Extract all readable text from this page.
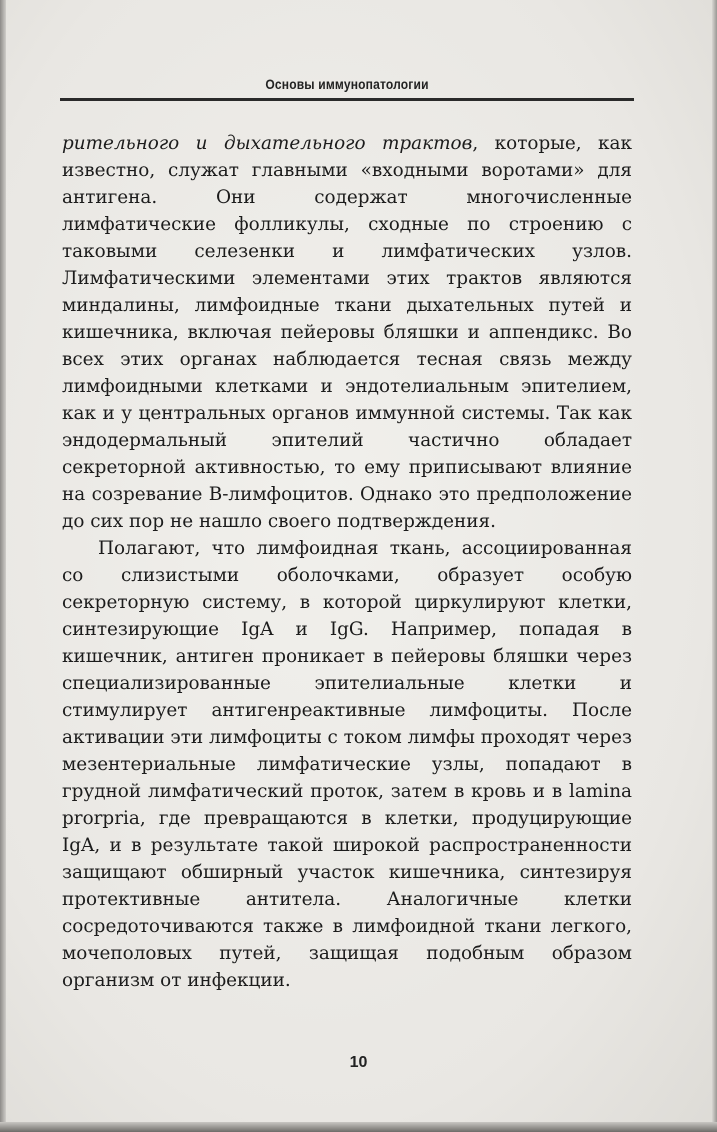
Основы иммунопатологии

рительного и дыхательного трактов, которые, как известно, служат главными «входными воротами» для антигена. Они содержат многочисленные лимфатические фолликулы, сходные по строению с таковыми селезенки и лимфатических узлов. Лимфатическими элементами этих трактов являются миндалины, лимфоидные ткани дыхательных путей и кишечника, включая пейеровы бляшки и аппендикс. Во всех этих органах наблюдается тесная связь между лимфоидными клетками и эндотелиальным эпителием, как и у центральных органов иммунной системы. Так как эндодермальный эпителий частично обладает секреторной активностью, то ему приписывают влияние на созревание В-лимфоцитов. Однако это предположение до сих пор не нашло своего подтверждения.

Полагают, что лимфоидная ткань, ассоциированная со слизистыми оболочками, образует особую секреторную систему, в которой циркулируют клетки, синтезирующие IgA и IgG. Например, попадая в кишечник, антиген проникает в пейеровы бляшки через специализированные эпителиальные клетки и стимулирует антигенреактивные лимфоциты. После активации эти лимфоциты с током лимфы проходят через мезентериальные лимфатические узлы, попадают в грудной лимфатический проток, затем в кровь и в lamina prorpria, где превращаются в клетки, продуцирующие IgA, и в результате такой широкой распространенности защищают обширный участок кишечника, синтезируя протективные антитела. Аналогичные клетки сосредоточиваются также в лимфоидной ткани легкого, мочеполовых путей, защищая подобным образом организм от инфекции.

10
